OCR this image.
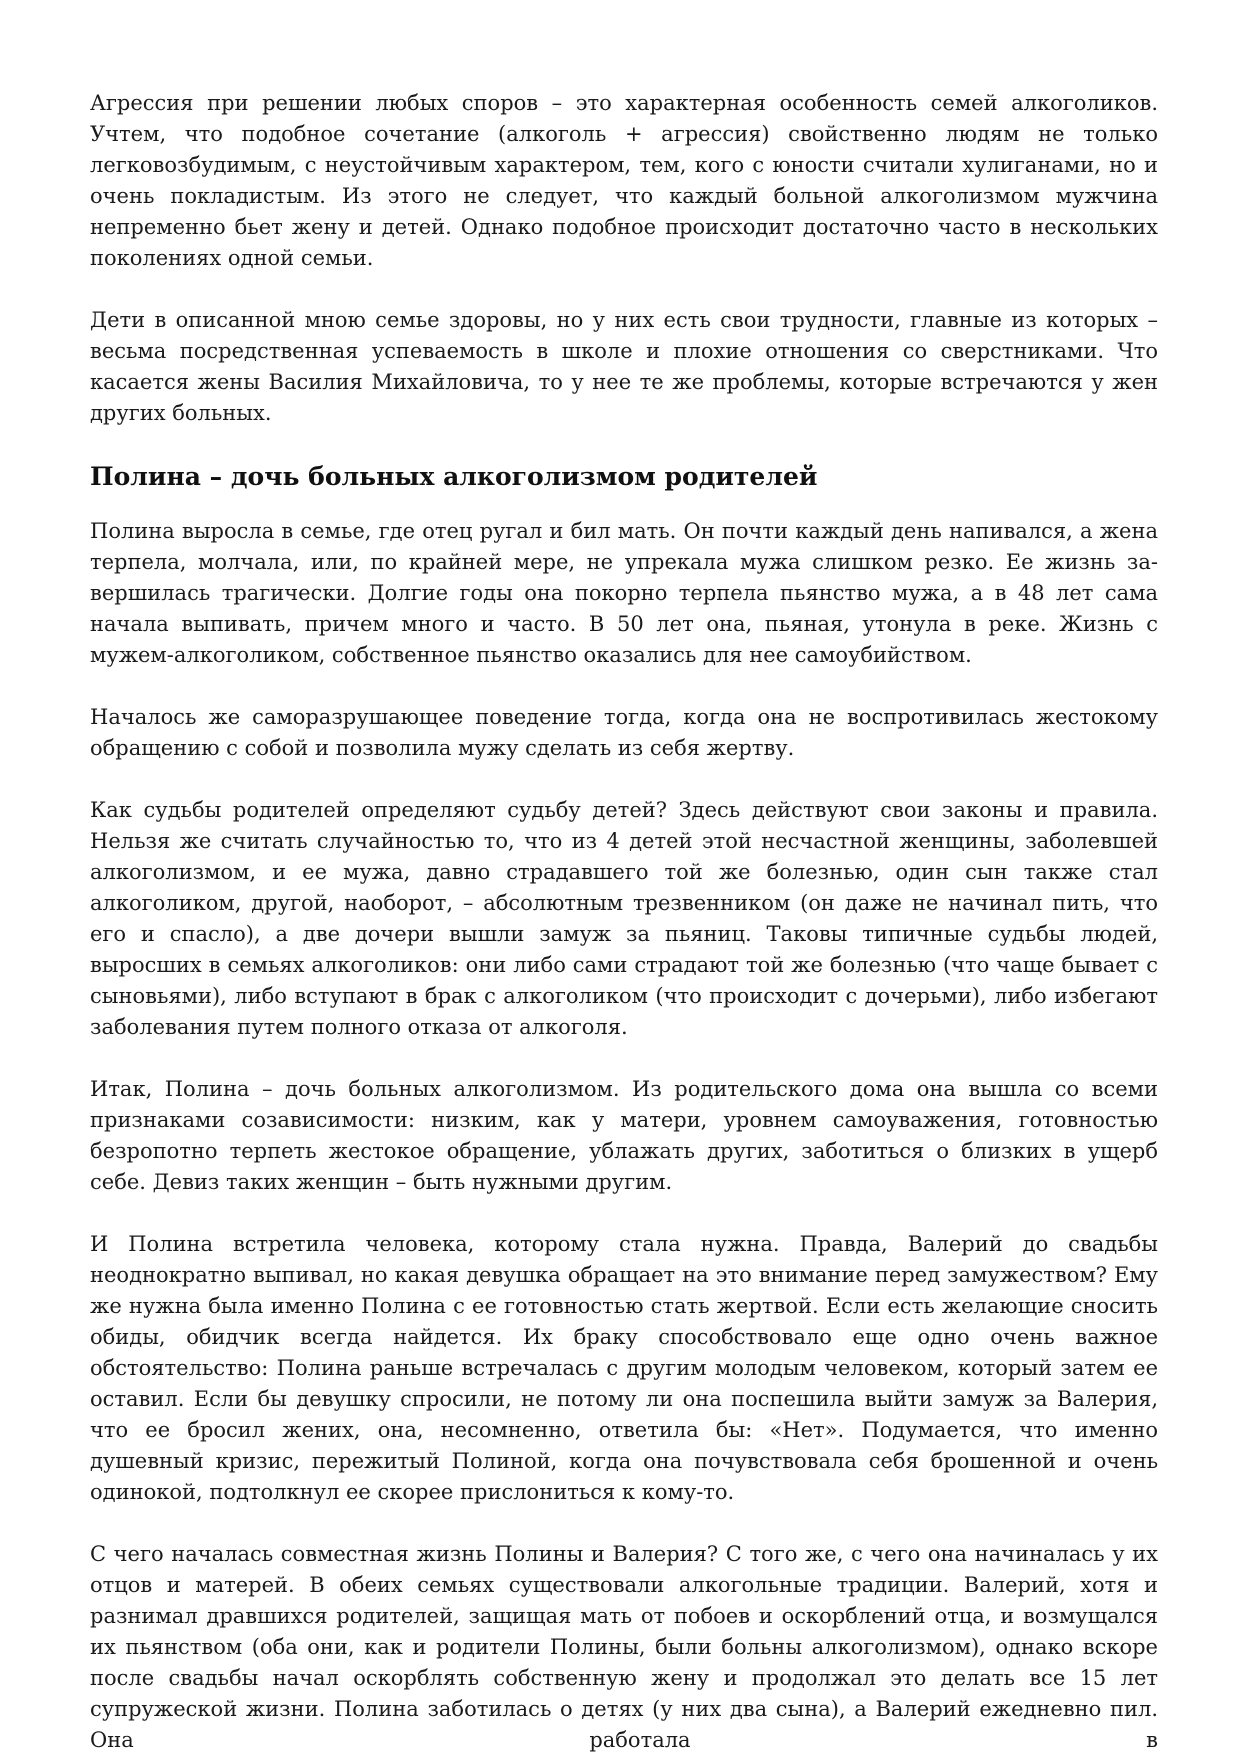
Агрессия при решении любых споров – это характерная особенность семей алкоголиков. Учтем, что подобное сочетание (алкоголь + агрессия) свойственно людям не только легковозбудимым, с неустойчивым характером, тем, кого с юности считали хулиганами, но и очень покладистым. Из этого не следует, что каждый больной алкоголизмом мужчина непременно бьет жену и детей. Однако подобное происходит достаточно часто в нескольких поколениях одной семьи.

Дети в описанной мною семье здоровы, но у них есть свои трудности, главные из которых – весьма посредственная успеваемость в школе и плохие отношения со сверстниками. Что касается жены Василия Михайловича, то у нее те же проблемы, которые встречаются у жен других больных.

Полина – дочь больных алкоголизмом родителей

Полина выросла в семье, где отец ругал и бил мать. Он почти каждый день напивался, а жена терпела, молчала, или, по крайней мере, не упрекала мужа слишком резко. Ее жизнь завершилась трагически. Долгие годы она покорно терпела пьянство мужа, а в 48 лет сама начала выпивать, причем много и часто. В 50 лет она, пьяная, утонула в реке. Жизнь с мужем-алкоголиком, собственное пьянство оказались для нее самоубийством.

Началось же саморазрушающее поведение тогда, когда она не воспротивилась жестокому обращению с собой и позволила мужу сделать из себя жертву.

Как судьбы родителей определяют судьбу детей? Здесь действуют свои законы и правила. Нельзя же считать случайностью то, что из 4 детей этой несчастной женщины, заболевшей алкоголизмом, и ее мужа, давно страдавшего той же болезнью, один сын также стал алкоголиком, другой, наоборот, – абсолютным трезвенником (он даже не начинал пить, что его и спасло), а две дочери вышли замуж за пьяниц. Таковы типичные судьбы людей, выросших в семьях алкоголиков: они либо сами страдают той же болезнью (что чаще бывает с сыновьями), либо вступают в брак с алкоголиком (что происходит с дочерьми), либо избегают заболевания путем полного отказа от алкоголя.

Итак, Полина – дочь больных алкоголизмом. Из родительского дома она вышла со всеми признаками созависимости: низким, как у матери, уровнем самоуважения, готовностью безропотно терпеть жестокое обращение, ублажать других, заботиться о близких в ущерб себе. Девиз таких женщин – быть нужными другим.

И Полина встретила человека, которому стала нужна. Правда, Валерий до свадьбы неоднократно выпивал, но какая девушка обращает на это внимание перед замужеством? Ему же нужна была именно Полина с ее готовностью стать жертвой. Если есть желающие сносить обиды, обидчик всегда найдется. Их браку способствовало еще одно очень важное обстоятельство: Полина раньше встречалась с другим молодым человеком, который затем ее оставил. Если бы девушку спросили, не потому ли она поспешила выйти замуж за Валерия, что ее бросил жених, она, несомненно, ответила бы: «Нет». Подумается, что именно душевный кризис, пережитый Полиной, когда она почувствовала себя брошенной и очень одинокой, подтолкнул ее скорее прислониться к кому-то.

С чего началась совместная жизнь Полины и Валерия? С того же, с чего она начиналась у их отцов и матерей. В обеих семьях существовали алкогольные традиции. Валерий, хотя и разнимал дравшихся родителей, защищая мать от побоев и оскорблений отца, и возмущался их пьянством (оба они, как и родители Полины, были больны алкоголизмом), однако вскоре после свадьбы начал оскорблять собственную жену и продолжал это делать все 15 лет супружеской жизни. Полина заботилась о детях (у них два сына), а Валерий ежедневно пил. Она работала в
